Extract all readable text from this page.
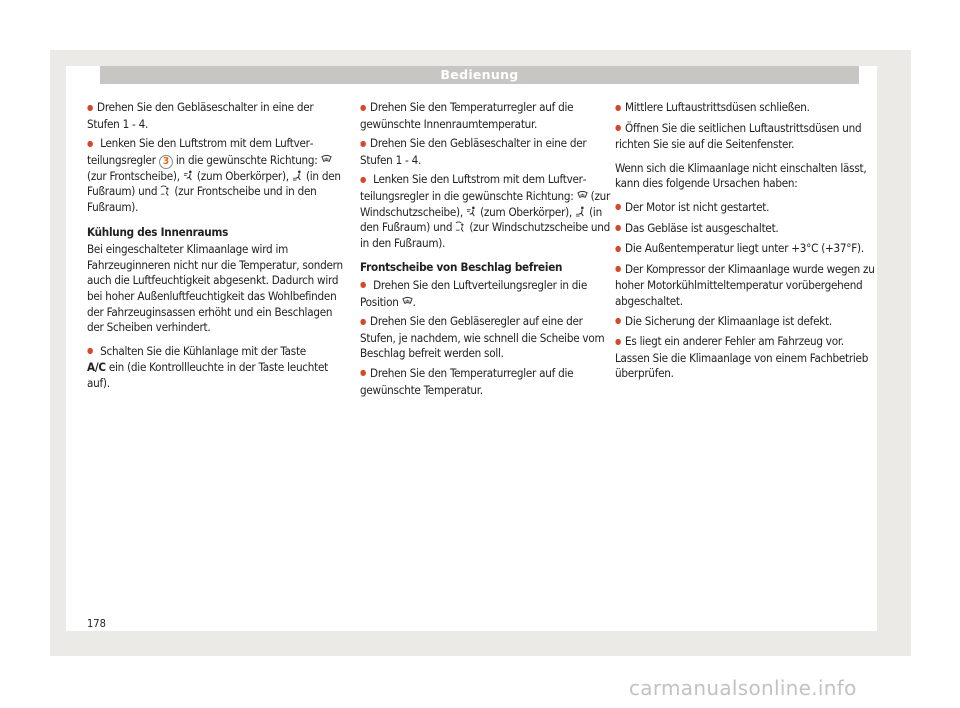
Bedienung

● Drehen Sie den Gebläseschalter in eine der Stufen 1 - 4.

● Lenken Sie den Luftstrom mit dem Luftverteilungsregler 3 in die gewünschte Richtung:
(zur Frontscheibe), (zum Oberkörper), (in den Fußraum) und (zur Frontscheibe und in den Fußraum).

Kühlung des Innenraums

Bei eingeschalteter Klimaanlage wird im Fahrzeuginneren nicht nur die Temperatur, sondern auch die Luftfeuchtigkeit abgesenkt. Dadurch wird bei hoher Außenluftfeuchtigkeit das Wohlbefinden der Fahrzeuginsassen erhöht und ein Beschlagen der Scheiben verhindert.

● Schalten Sie die Kühlanlage mit der Taste
A/C ein (die Kontrollleuchte in der Taste leuchtet auf).

● Drehen Sie den Temperaturregler auf die gewünschte Innenraumtemperatur.

● Drehen Sie den Gebläseschalter in eine der Stufen 1 - 4.

● Lenken Sie den Luftstrom mit dem Luftverteilungsregler in die gewünschte Richtung: (zur Windschutzscheibe), (zum Oberkörper), (in den Fußraum) und (zur Windschutzscheibe und in den Fußraum).

Frontscheibe von Beschlag befreien

● Drehen Sie den Luftverteilungsregler in die Position .

● Drehen Sie den Gebläseregler auf eine der Stufen, je nachdem, wie schnell die Scheibe vom Beschlag befreit werden soll.

● Drehen Sie den Temperaturregler auf die gewünschte Temperatur.

● Mittlere Luftaustrittsdüsen schließen.

● Öffnen Sie die seitlichen Luftaustrittsdüsen und richten Sie sie auf die Seitenfenster.

Wenn sich die Klimaanlage nicht einschalten lässt, kann dies folgende Ursachen haben:

● Der Motor ist nicht gestartet.

● Das Gebläse ist ausgeschaltet.

● Die Außentemperatur liegt unter +3°C (+37°F).

● Der Kompressor der Klimaanlage wurde wegen zu hoher Motorkühlmitteltemperatur vorübergehend abgeschaltet.

● Die Sicherung der Klimaanlage ist defekt.

● Es liegt ein anderer Fehler am Fahrzeug vor. Lassen Sie die Klimaanlage von einem Fachbetrieb überprüfen.

178
carmanualsonline.info
